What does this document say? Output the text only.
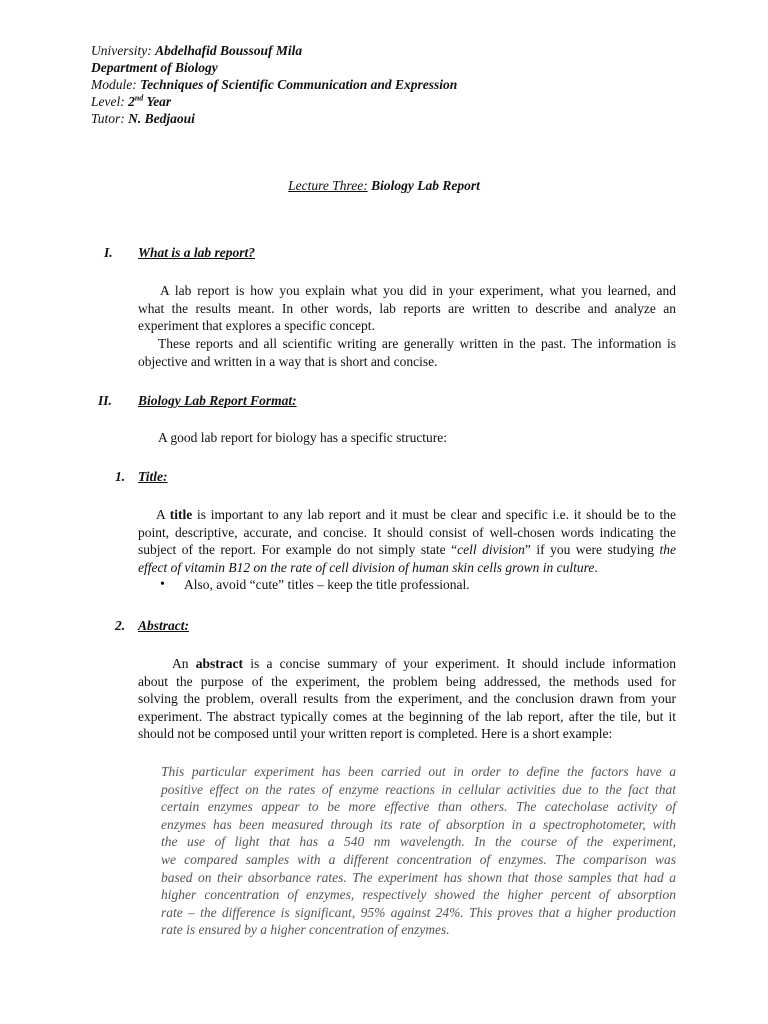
University: Abdelhafid Boussouf Mila
Department of Biology
Module: Techniques of Scientific Communication and Expression
Level: 2nd Year
Tutor: N. Bedjaoui
Lecture Three: Biology Lab Report
I. What is a lab report?
A lab report is how you explain what you did in your experiment, what you learned, and
what the results meant. In other words, lab reports are written to describe and analyze an
experiment that explores a specific concept.
These reports and all scientific writing are generally written in the past. The information is
objective and written in a way that is short and concise.
II. Biology Lab Report Format:
A good lab report for biology has a specific structure:
1. Title:
A title is important to any lab report and it must be clear and specific i.e. it should be to the
point, descriptive, accurate, and concise. It should consist of well-chosen words indicating the
subject of the report. For example do not simply state “cell division” if you were studying the
effect of vitamin B12 on the rate of cell division of human skin cells grown in culture.
• Also, avoid “cute” titles – keep the title professional.
2. Abstract:
An abstract is a concise summary of your experiment. It should include information
about the purpose of the experiment, the problem being addressed, the methods used for
solving the problem, overall results from the experiment, and the conclusion drawn from your
experiment. The abstract typically comes at the beginning of the lab report, after the tile, but it
should not be composed until your written report is completed. Here is a short example:
This particular experiment has been carried out in order to define the factors have a
positive effect on the rates of enzyme reactions in cellular activities due to the fact that
certain enzymes appear to be more effective than others. The catecholase activity of
enzymes has been measured through its rate of absorption in a spectrophotometer, with
the use of light that has a 540 nm wavelength. In the course of the experiment,
we compared samples with a different concentration of enzymes. The comparison was
based on their absorbance rates. The experiment has shown that those samples that had a
higher concentration of enzymes, respectively showed the higher percent of absorption
rate – the difference is significant, 95% against 24%. This proves that a higher production
rate is ensured by a higher concentration of enzymes.
